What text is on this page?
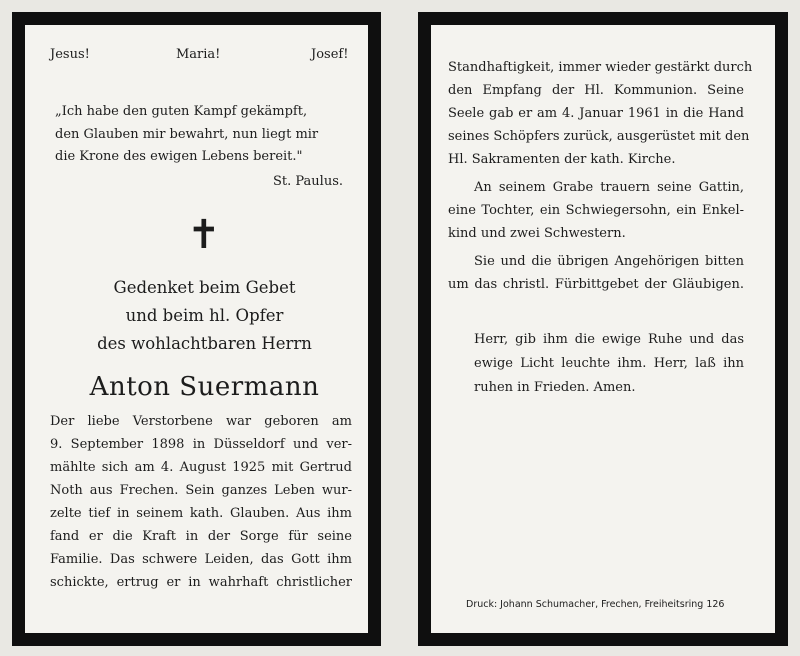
Jesus!	Maria!	Josef!
„Ich habe den guten Kampf gekämpft,
den Glauben mir bewahrt, nun liegt mir
die Krone des ewigen Lebens bereit."
St. Paulus.
✝
Gedenket beim Gebet
und beim hl. Opfer
des wohlachtbaren Herrn
Anton Suermann
Der liebe Verstorbene war geboren am
9. September 1898 in Düsseldorf und ver-
mählte sich am 4. August 1925 mit Gertrud
Noth aus Frechen. Sein ganzes Leben wur-
zelte tief in seinem kath. Glauben. Aus ihm
fand er die Kraft in der Sorge für seine
Familie. Das schwere Leiden, das Gott ihm
schickte, ertrug er in wahrhaft christlicher
Standhaftigkeit, immer wieder gestärkt durch
den Empfang der Hl. Kommunion. Seine
Seele gab er am 4. Januar 1961 in die Hand
seines Schöpfers zurück, ausgerüstet mit den
Hl. Sakramenten der kath. Kirche.
An seinem Grabe trauern seine Gattin,
eine Tochter, ein Schwiegersohn, ein Enkel-
kind und zwei Schwestern.
Sie und die übrigen Angehörigen bitten
um das christl. Fürbittgebet der Gläubigen.
Herr, gib ihm die ewige Ruhe und das
ewige Licht leuchte ihm. Herr, laß ihn
ruhen in Frieden. Amen.
Druck: Johann Schumacher, Frechen, Freiheitsring 126
